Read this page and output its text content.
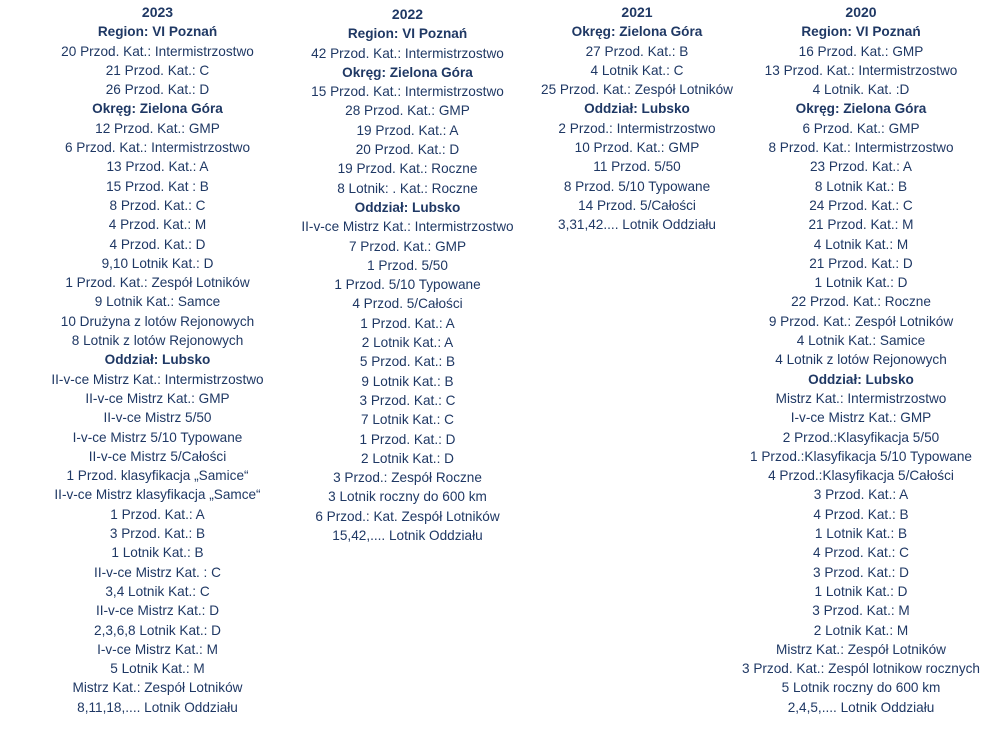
2023
Region: VI Poznań
20 Przod. Kat.: Intermistrzostwo
21 Przod. Kat.: C
26 Przod. Kat.: D
Okręg: Zielona Góra
12 Przod. Kat.: GMP
6 Przod. Kat.: Intermistrzostwo
13 Przod. Kat.: A
15 Przod. Kat : B
8 Przod. Kat.: C
4 Przod. Kat.: M
4 Przod. Kat.: D
9,10 Lotnik Kat.: D
1 Przod. Kat.: Zespół Lotników
9 Lotnik Kat.: Samce
10 Drużyna z lotów Rejonowych
8 Lotnik z lotów Rejonowych
Oddział: Lubsko
II-v-ce Mistrz Kat.: Intermistrzostwo
II-v-ce Mistrz Kat.: GMP
II-v-ce Mistrz 5/50
I-v-ce Mistrz 5/10 Typowane
II-v-ce Mistrz 5/Całości
1 Przod. klasyfikacja „Samice“
II-v-ce Mistrz klasyfikacja „Samce“
1 Przod. Kat.: A
3 Przod. Kat.: B
1 Lotnik Kat.: B
II-v-ce Mistrz Kat. : C
3,4 Lotnik Kat.: C
II-v-ce Mistrz Kat.: D
2,3,6,8 Lotnik Kat.: D
I-v-ce Mistrz Kat.: M
5 Lotnik Kat.: M
Mistrz Kat.: Zespół Lotników
8,11,18,.... Lotnik Oddziału
2022
Region: VI Poznań
42 Przod. Kat.: Intermistrzostwo
Okręg: Zielona Góra
15 Przod. Kat.: Intermistrzostwo
28 Przod. Kat.: GMP
19 Przod. Kat.: A
20 Przod. Kat.: D
19 Przod. Kat.: Roczne
8 Lotnik: . Kat.: Roczne
Oddział: Lubsko
II-v-ce Mistrz Kat.: Intermistrzostwo
7 Przod. Kat.: GMP
1 Przod. 5/50
1 Przod. 5/10 Typowane
4 Przod. 5/Całości
1 Przod. Kat.: A
2 Lotnik Kat.: A
5 Przod. Kat.: B
9 Lotnik Kat.: B
3 Przod. Kat.: C
7 Lotnik Kat.: C
1 Przod. Kat.: D
2 Lotnik Kat.: D
3 Przod.: Zespół Roczne
3 Lotnik roczny do 600 km
6 Przod.: Kat. Zespół Lotników
15,42,.... Lotnik Oddziału
2021
Okręg: Zielona Góra
27 Przod. Kat.: B
4 Lotnik Kat.: C
25 Przod. Kat.: Zespół Lotników
Oddział: Lubsko
2 Przod.: Intermistrzostwo
10 Przod. Kat.: GMP
11 Przod. 5/50
8 Przod. 5/10 Typowane
14 Przod. 5/Całości
3,31,42.... Lotnik Oddziału
2020
Region: VI Poznań
16 Przod. Kat.: GMP
13 Przod. Kat.: Intermistrzostwo
4 Lotnik. Kat. :D
Okręg: Zielona Góra
6 Przod. Kat.: GMP
8 Przod. Kat.: Intermistrzostwo
23 Przod. Kat.: A
8 Lotnik Kat.: B
24 Przod. Kat.: C
21 Przod. Kat.: M
4 Lotnik Kat.: M
21 Przod. Kat.: D
1 Lotnik Kat.: D
22 Przod. Kat.: Roczne
9 Przod. Kat.: Zespół Lotników
4 Lotnik Kat.: Samice
4 Lotnik z lotów Rejonowych
Oddział: Lubsko
Mistrz Kat.: Intermistrzostwo
I-v-ce Mistrz Kat.: GMP
2 Przod.:Klasyfikacja 5/50
1 Przod.:Klasyfikacja 5/10 Typowane
4 Przod.:Klasyfikacja 5/Całości
3 Przod. Kat.: A
4 Przod. Kat.: B
1 Lotnik Kat.: B
4 Przod. Kat.: C
3 Przod. Kat.: D
1 Lotnik Kat.: D
3 Przod. Kat.: M
2 Lotnik Kat.: M
Mistrz Kat.: Zespół Lotników
3 Przod. Kat.: Zespól lotnikow rocznych
5 Lotnik roczny do 600 km
2,4,5,.... Lotnik Oddziału
